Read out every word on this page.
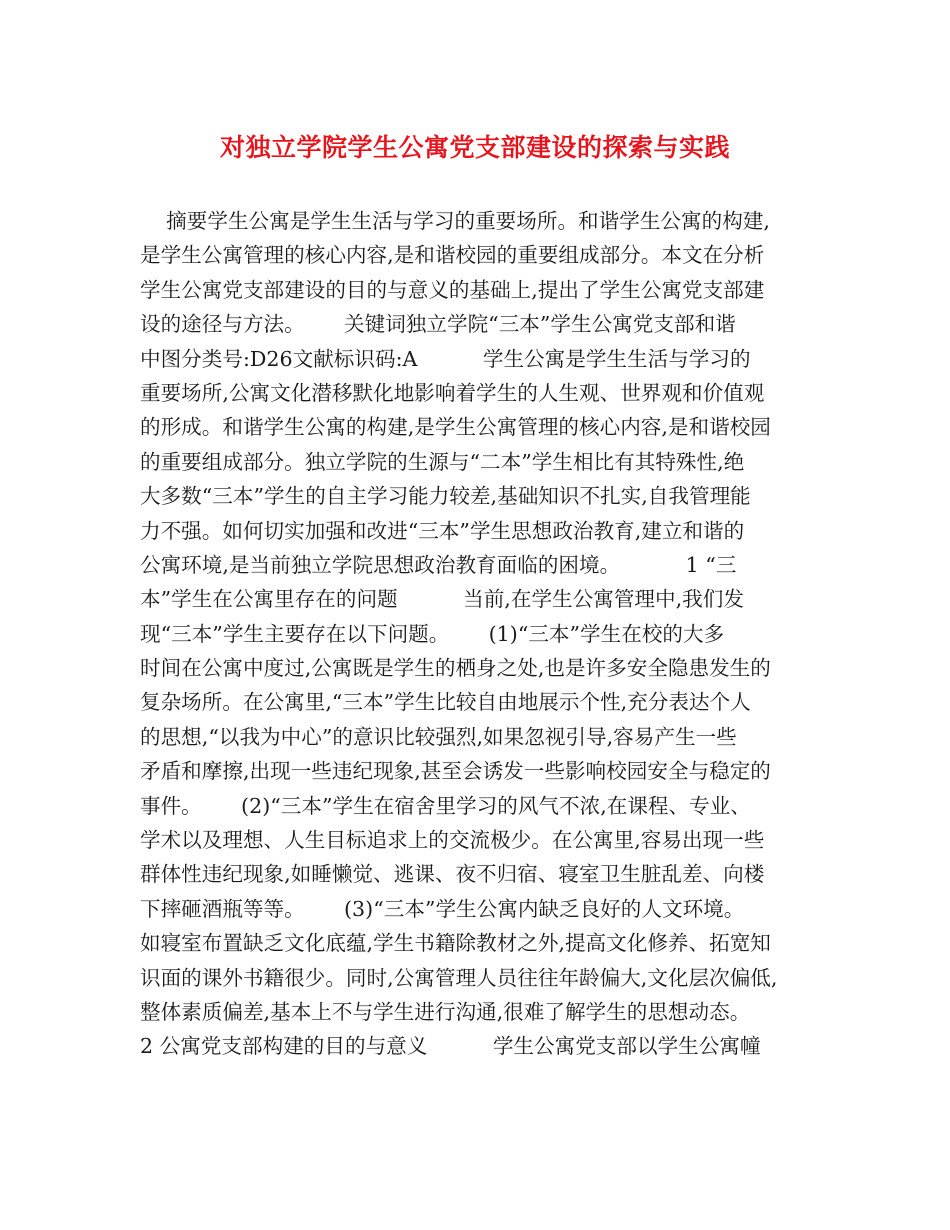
对独立学院学生公寓党支部建设的探索与实践
摘要学生公寓是学生生活与学习的重要场所。和谐学生公寓的构建,
是学生公寓管理的核心内容,是和谐校园的重要组成部分。本文在分析
学生公寓党支部建设的目的与意义的基础上,提出了学生公寓党支部建
设的途径与方法。      关键词独立学院“三本”学生公寓党支部和谐
中图分类号:D26文献标识码:A          学生公寓是学生生活与学习的
重要场所,公寓文化潜移默化地影响着学生的人生观、世界观和价值观
的形成。和谐学生公寓的构建,是学生公寓管理的核心内容,是和谐校园
的重要组成部分。独立学院的生源与“二本”学生相比有其特殊性,绝
大多数“三本”学生的自主学习能力较差,基础知识不扎实,自我管理能
力不强。如何切实加强和改进“三本”学生思想政治教育,建立和谐的
公寓环境,是当前独立学院思想政治教育面临的困境。          1 “三
本”学生在公寓里存在的问题          当前,在学生公寓管理中,我们发
现“三本”学生主要存在以下问题。      (1)“三本”学生在校的大多
时间在公寓中度过,公寓既是学生的栖身之处,也是许多安全隐患发生的
复杂场所。在公寓里,“三本”学生比较自由地展示个性,充分表达个人
的思想,“以我为中心”的意识比较强烈,如果忽视引导,容易产生一些
矛盾和摩擦,出现一些违纪现象,甚至会诱发一些影响校园安全与稳定的
事件。      (2)“三本”学生在宿舍里学习的风气不浓,在课程、专业、
学术以及理想、人生目标追求上的交流极少。在公寓里,容易出现一些
群体性违纪现象,如睡懒觉、逃课、夜不归宿、寝室卫生脏乱差、向楼
下摔砸酒瓶等等。      (3)“三本”学生公寓内缺乏良好的人文环境。
如寝室布置缺乏文化底蕴,学生书籍除教材之外,提高文化修养、拓宽知
识面的课外书籍很少。同时,公寓管理人员往往年龄偏大,文化层次偏低,
整体素质偏差,基本上不与学生进行沟通,很难了解学生的思想动态。
2 公寓党支部构建的目的与意义          学生公寓党支部以学生公寓幢
